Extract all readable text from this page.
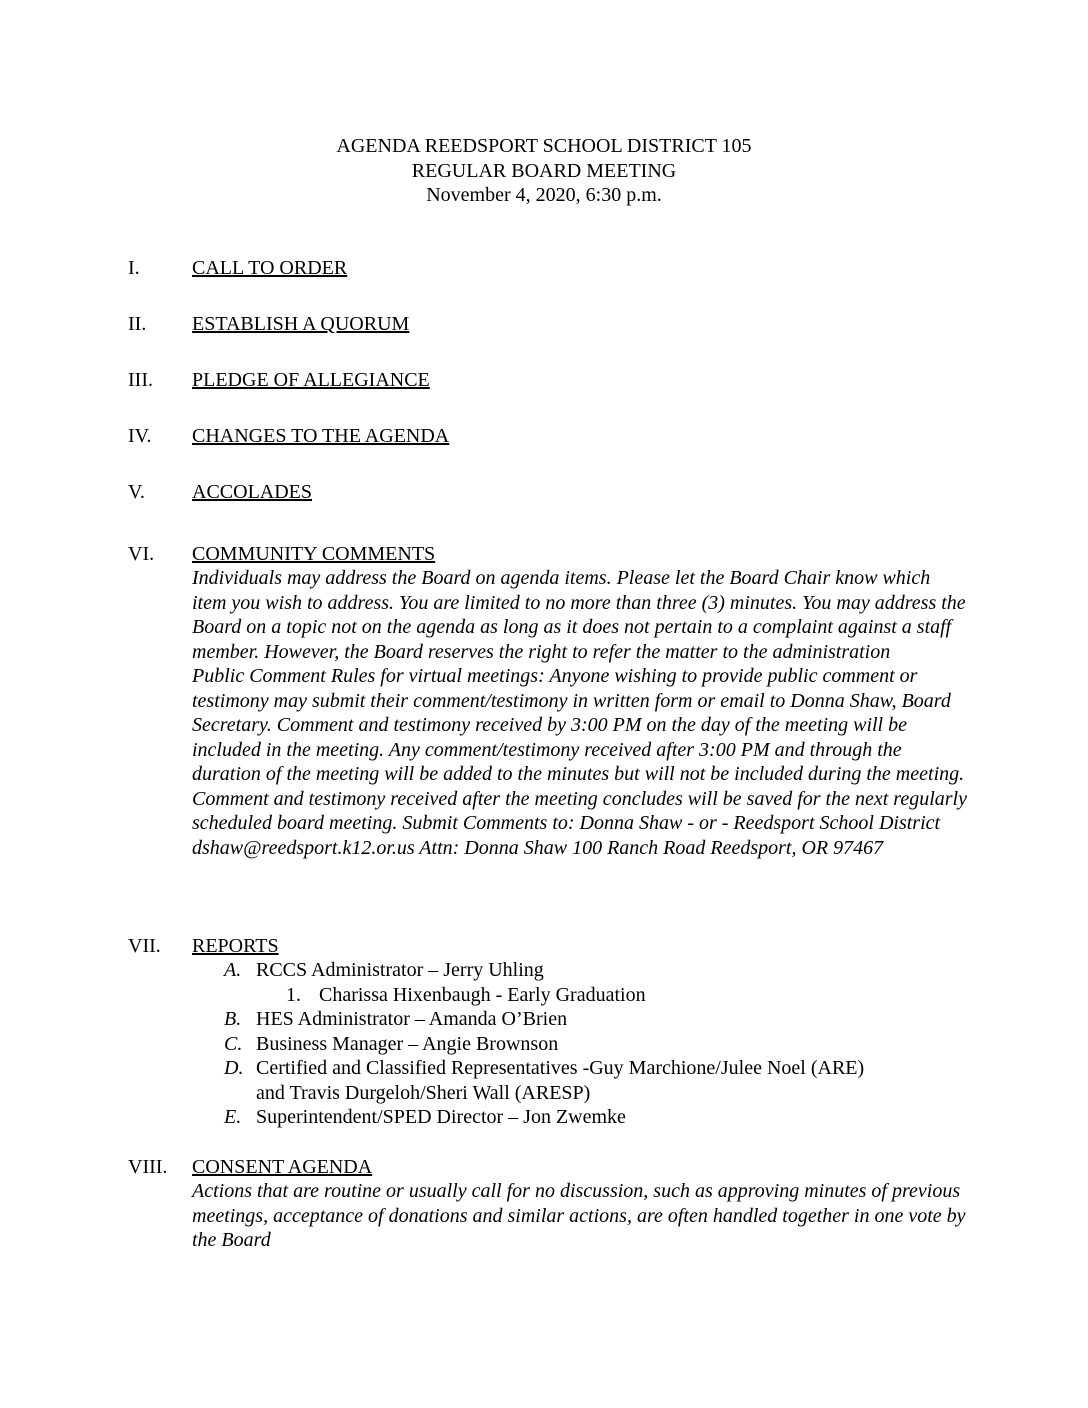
AGENDA REEDSPORT SCHOOL DISTRICT 105
REGULAR BOARD MEETING
November 4, 2020, 6:30 p.m.
I.	CALL TO ORDER
II. ESTABLISH A QUORUM
III. PLEDGE OF ALLEGIANCE
IV. CHANGES TO THE AGENDA
V. ACCOLADES
VI. COMMUNITY COMMENTS

Individuals may address the Board on agenda items. Please let the Board Chair know which item you wish to address. You are limited to no more than three (3) minutes. You may address the Board on a topic not on the agenda as long as it does not pertain to a complaint against a staff member. However, the Board reserves the right to refer the matter to the administration

Public Comment Rules for virtual meetings: Anyone wishing to provide public comment or testimony may submit their comment/testimony in written form or email to Donna Shaw, Board Secretary. Comment and testimony received by 3:00 PM on the day of the meeting will be included in the meeting. Any comment/testimony received after 3:00 PM and through the duration of the meeting will be added to the minutes but will not be included during the meeting. Comment and testimony received after the meeting concludes will be saved for the next regularly scheduled board meeting. Submit Comments to: Donna Shaw - or - Reedsport School District dshaw@reedsport.k12.or.us Attn: Donna Shaw 100 Ranch Road Reedsport, OR 97467

VII. REPORTS
A. RCCS Administrator – Jerry Uhling
1. Charissa Hixenbaugh - Early Graduation
B. HES Administrator – Amanda O’Brien
C. Business Manager – Angie Brownson
D. Certified and Classified Representatives -Guy Marchione/Julee Noel (ARE)
and Travis Durgeloh/Sheri Wall (ARESP)
E. Superintendent/SPED Director – Jon Zwemke
VIII. CONSENT AGENDA

Actions that are routine or usually call for no discussion, such as approving minutes of previous meetings, acceptance of donations and similar actions, are often handled together in one vote by the Board
